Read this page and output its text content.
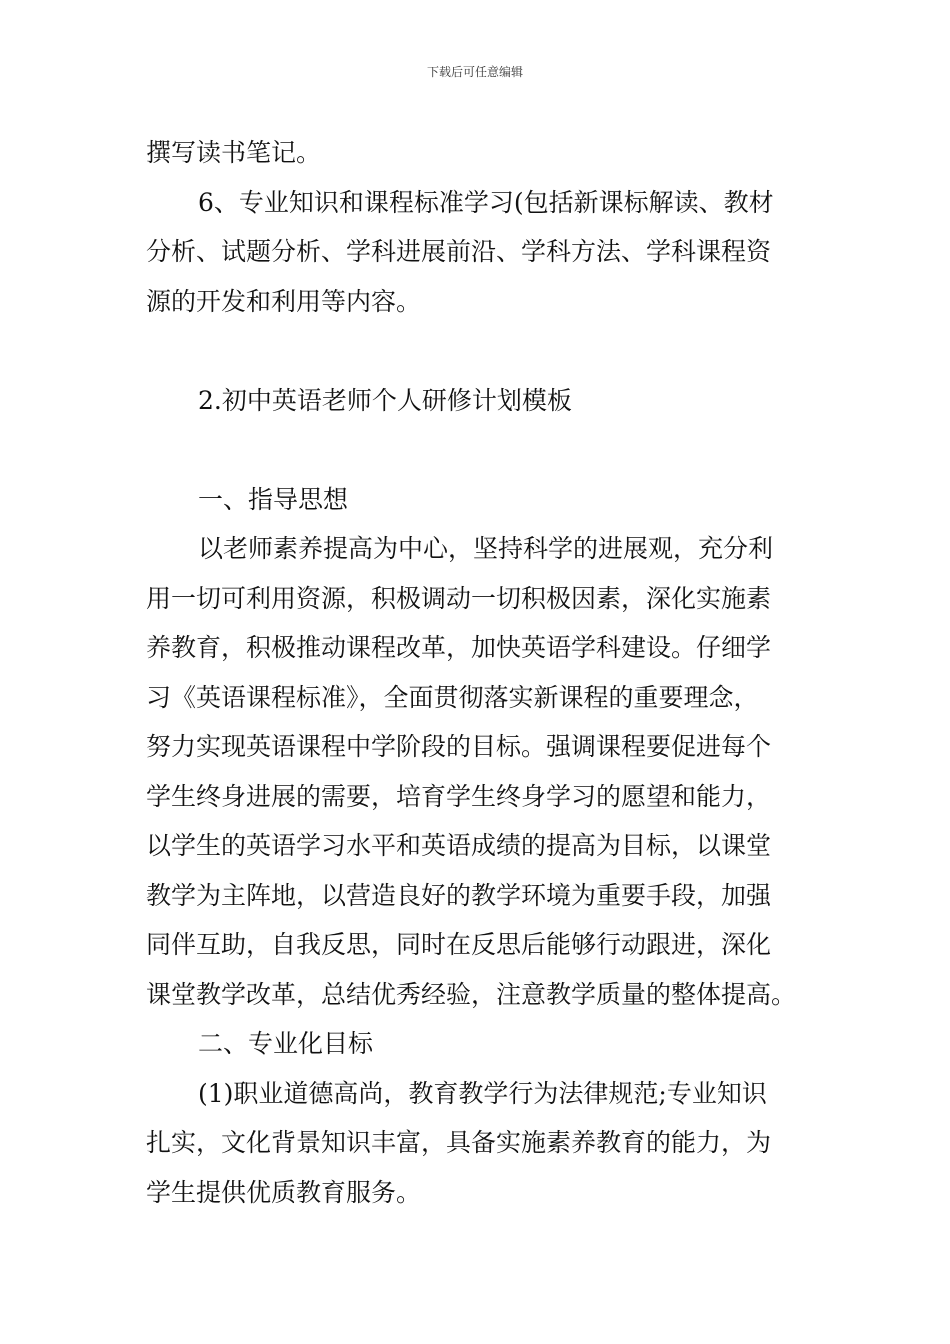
下载后可任意编辑
撰写读书笔记。
6、专业知识和课程标准学习(包括新课标解读、教材
分析、试题分析、学科进展前沿、学科方法、学科课程资
源的开发和利用等内容。
2.初中英语老师个人研修计划模板
一、指导思想
以老师素养提高为中心，坚持科学的进展观，充分利
用一切可利用资源，积极调动一切积极因素，深化实施素
养教育，积极推动课程改革，加快英语学科建设。仔细学
习《英语课程标准》，全面贯彻落实新课程的重要理念，
努力实现英语课程中学阶段的目标。强调课程要促进每个
学生终身进展的需要，培育学生终身学习的愿望和能力，
以学生的英语学习水平和英语成绩的提高为目标，以课堂
教学为主阵地，以营造良好的教学环境为重要手段，加强
同伴互助，自我反思，同时在反思后能够行动跟进，深化
课堂教学改革，总结优秀经验，注意教学质量的整体提高。
二、专业化目标
(1)职业道德高尚，教育教学行为法律规范;专业知识
扎实，文化背景知识丰富，具备实施素养教育的能力，为
学生提供优质教育服务。
